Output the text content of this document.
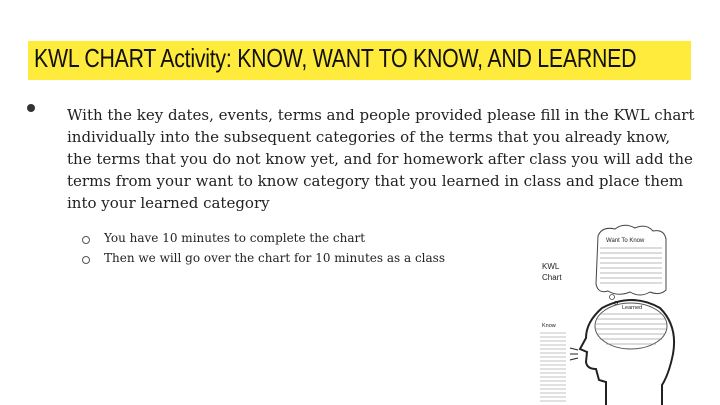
KWL CHART Activity: KNOW, WANT TO KNOW, AND LEARNED

With the key dates, events, terms and people provided please fill in the KWL chart individually into the subsequent categories of the terms that you already know, the terms that you do not know yet, and for homework after class you will add the terms from your want to know category that you learned in class and place them into your learned category

You have 10 minutes to complete the chart
Then we will go over the chart for 10 minutes as a class
Want To Know
KWL
Chart
Learned
Know
